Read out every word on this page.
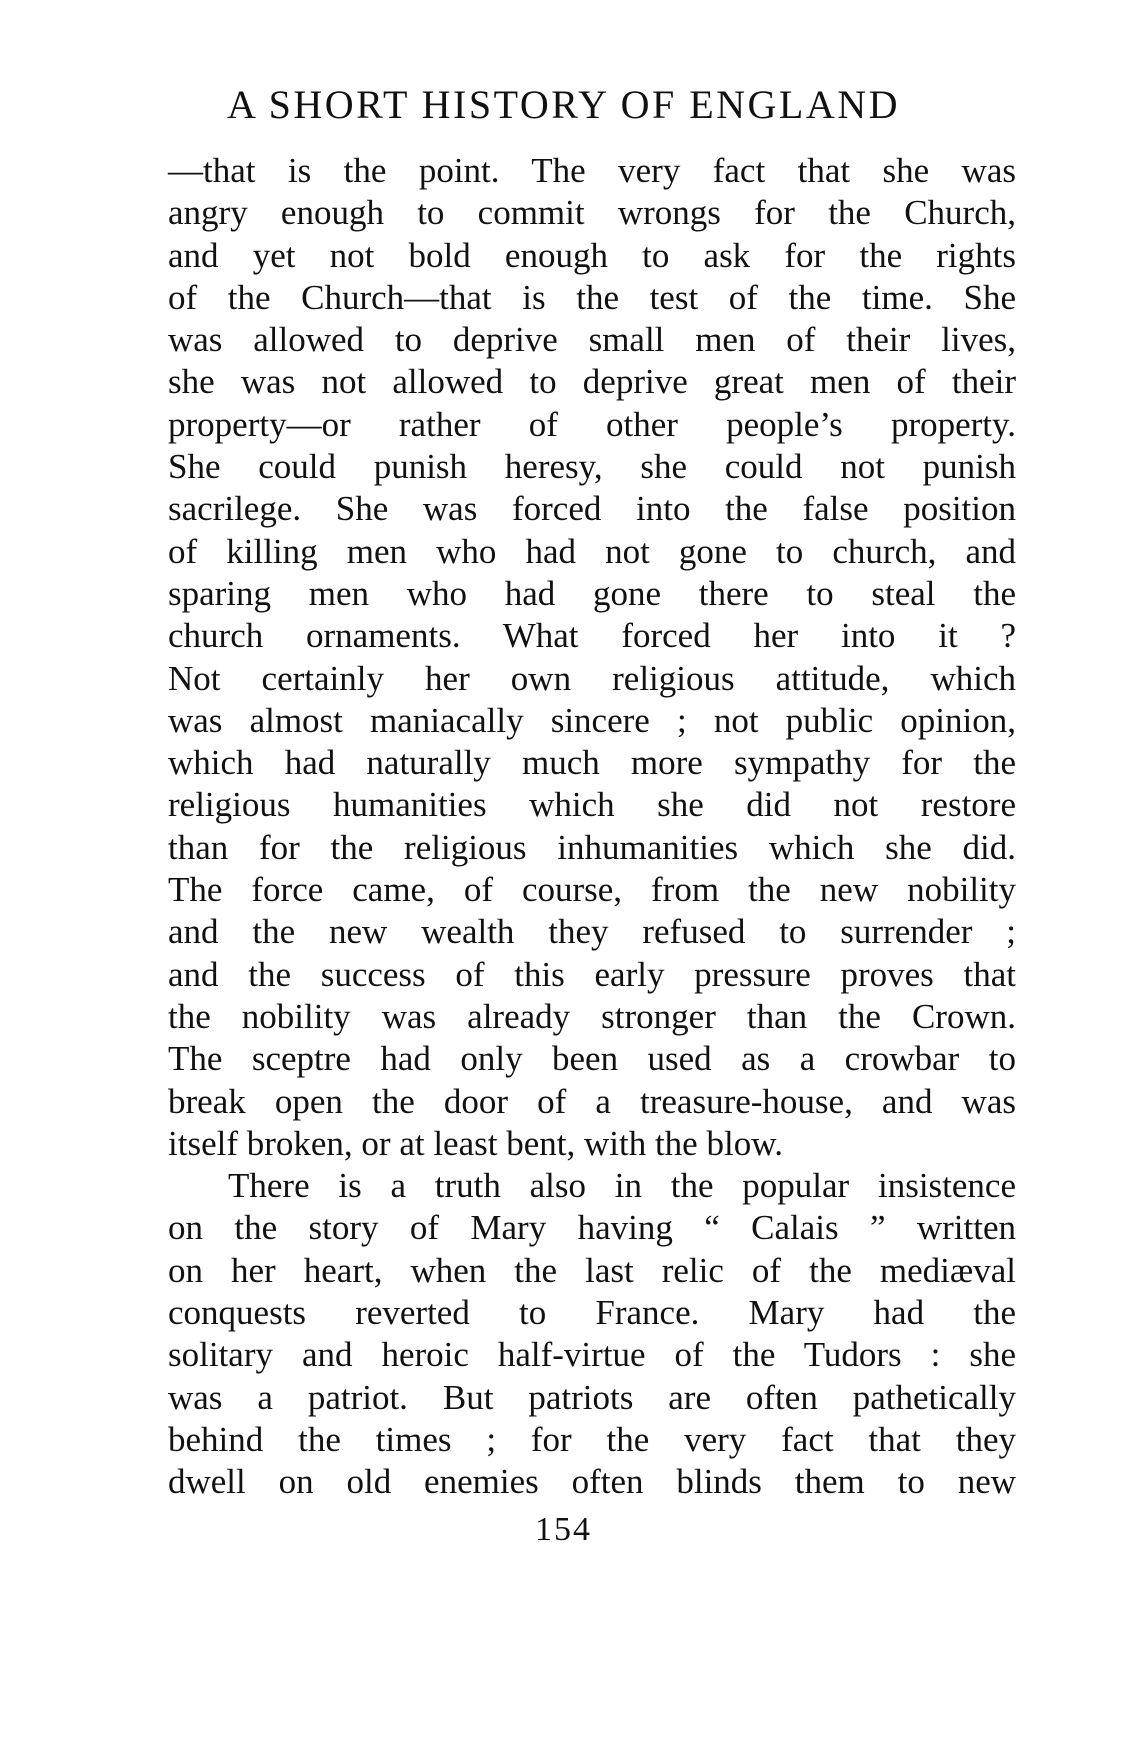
A SHORT HISTORY OF ENGLAND
—that is the point. The very fact that she was
angry enough to commit wrongs for the Church,
and yet not bold enough to ask for the rights
of the Church—that is the test of the time. She
was allowed to deprive small men of their lives,
she was not allowed to deprive great men of their
property—or rather of other people’s property.
She could punish heresy, she could not punish
sacrilege. She was forced into the false position
of killing men who had not gone to church, and
sparing men who had gone there to steal the
church ornaments. What forced her into it ?
Not certainly her own religious attitude, which
was almost maniacally sincere ; not public opinion,
which had naturally much more sympathy for the
religious humanities which she did not restore
than for the religious inhumanities which she did.
The force came, of course, from the new nobility
and the new wealth they refused to surrender ;
and the success of this early pressure proves that
the nobility was already stronger than the Crown.
The sceptre had only been used as a crowbar to
break open the door of a treasure-house, and was
itself broken, or at least bent, with the blow.
There is a truth also in the popular insistence
on the story of Mary having “ Calais ” written
on her heart, when the last relic of the mediæval
conquests reverted to France. Mary had the
solitary and heroic half-virtue of the Tudors : she
was a patriot. But patriots are often pathetically
behind the times ; for the very fact that they
dwell on old enemies often blinds them to new
154
